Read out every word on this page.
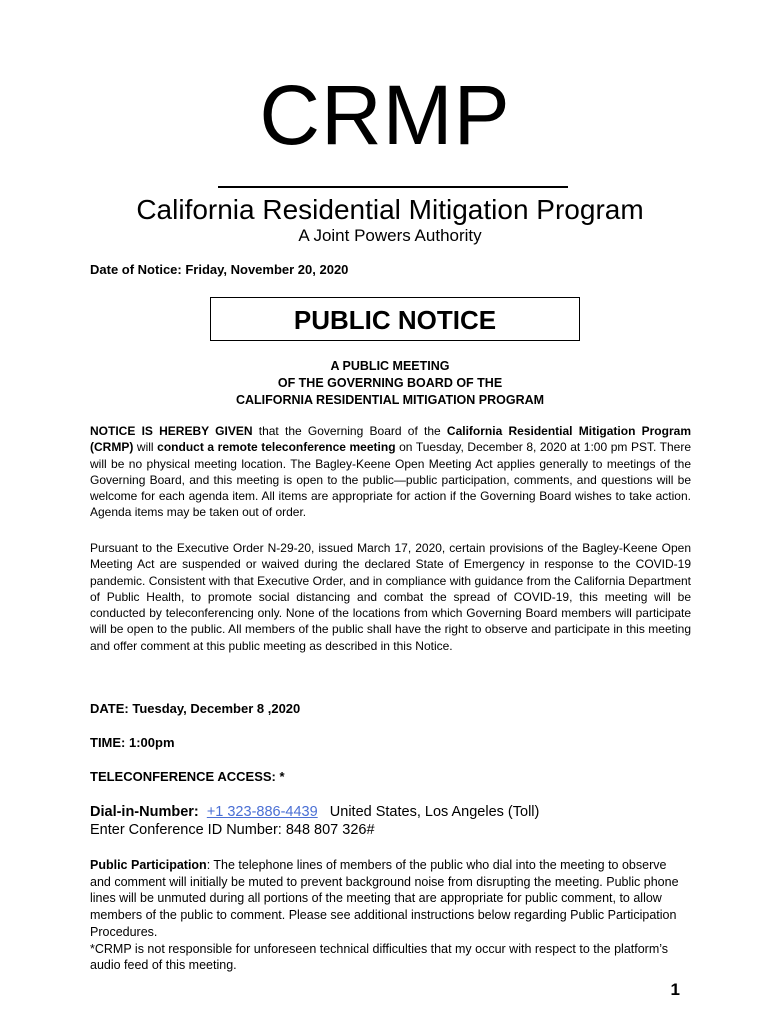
CRMP
California Residential Mitigation Program
A Joint Powers Authority
Date of Notice: Friday, November 20, 2020
PUBLIC NOTICE
A PUBLIC MEETING
OF THE GOVERNING BOARD OF THE
CALIFORNIA RESIDENTIAL MITIGATION PROGRAM
NOTICE IS HEREBY GIVEN that the Governing Board of the California Residential Mitigation Program (CRMP) will conduct a remote teleconference meeting on Tuesday, December 8, 2020 at 1:00 pm PST. There will be no physical meeting location. The Bagley-Keene Open Meeting Act applies generally to meetings of the Governing Board, and this meeting is open to the public—public participation, comments, and questions will be welcome for each agenda item. All items are appropriate for action if the Governing Board wishes to take action. Agenda items may be taken out of order.
Pursuant to the Executive Order N-29-20, issued March 17, 2020, certain provisions of the Bagley-Keene Open Meeting Act are suspended or waived during the declared State of Emergency in response to the COVID-19 pandemic. Consistent with that Executive Order, and in compliance with guidance from the California Department of Public Health, to promote social distancing and combat the spread of COVID-19, this meeting will be conducted by teleconferencing only. None of the locations from which Governing Board members will participate will be open to the public. All members of the public shall have the right to observe and participate in this meeting and offer comment at this public meeting as described in this Notice.
DATE: Tuesday, December 8 ,2020
TIME: 1:00pm
TELECONFERENCE ACCESS: *
Dial-in-Number: +1 323-886-4439 United States, Los Angeles (Toll)
Enter Conference ID Number: 848 807 326#
Public Participation: The telephone lines of members of the public who dial into the meeting to observe and comment will initially be muted to prevent background noise from disrupting the meeting. Public phone lines will be unmuted during all portions of the meeting that are appropriate for public comment, to allow members of the public to comment. Please see additional instructions below regarding Public Participation Procedures.
*CRMP is not responsible for unforeseen technical difficulties that my occur with respect to the platform’s audio feed of this meeting.
1
